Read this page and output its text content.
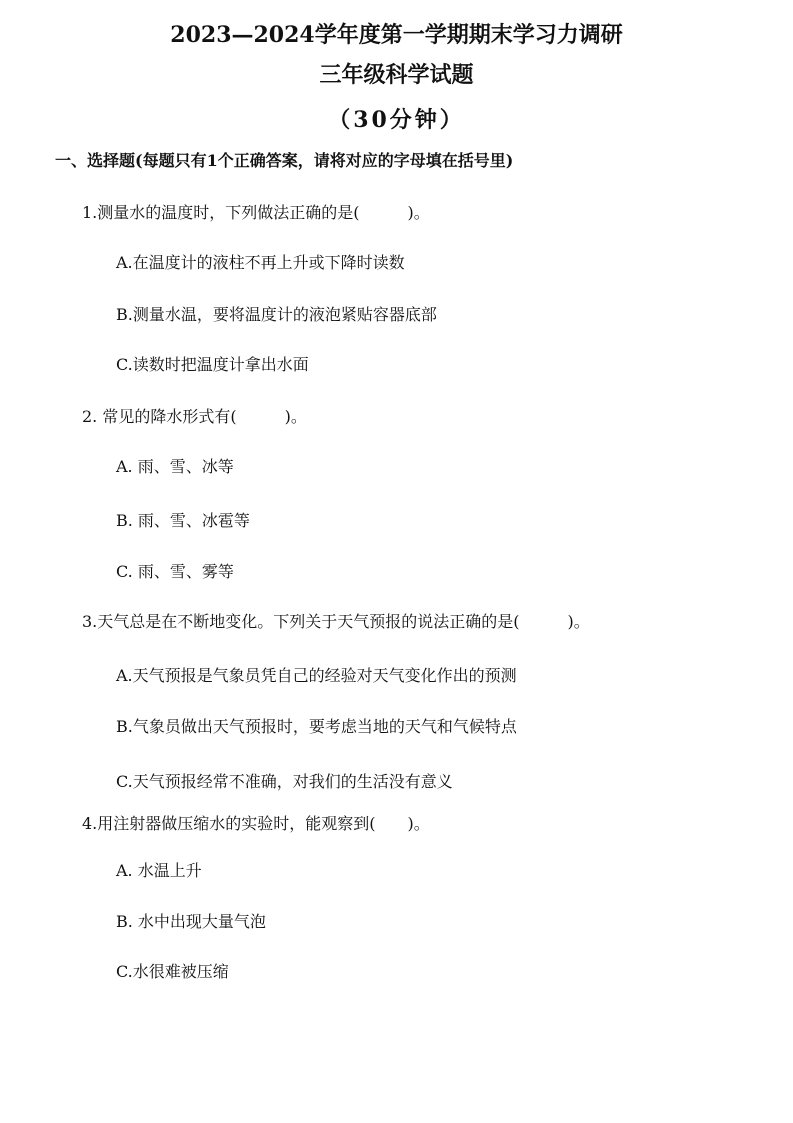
2023—2024学年度第一学期期末学习力调研
三年级科学试题
（30分钟）
一、选择题(每题只有1个正确答案，请将对应的字母填在括号里)
1.测量水的温度时，下列做法正确的是(　　　)。
A.在温度计的液柱不再上升或下降时读数
B.测量水温，要将温度计的液泡紧贴容器底部
C.读数时把温度计拿出水面
2. 常见的降水形式有(　　　)。
A. 雨、雪、冰等
B. 雨、雪、冰雹等
C. 雨、雪、雾等
3.天气总是在不断地变化。下列关于天气预报的说法正确的是(　　　)。
A.天气预报是气象员凭自己的经验对天气变化作出的预测
B.气象员做出天气预报时，要考虑当地的天气和气候特点
C.天气预报经常不准确，对我们的生活没有意义
4.用注射器做压缩水的实验时，能观察到(　　)。
A. 水温上升
B. 水中出现大量气泡
C.水很难被压缩
